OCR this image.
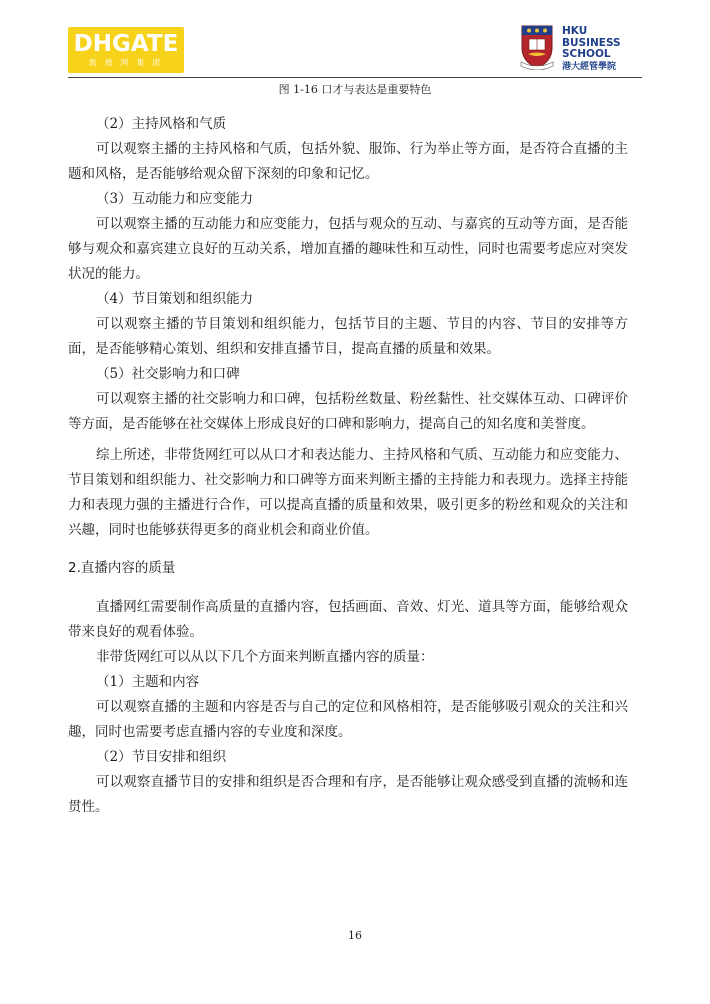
DHGATE
敦 煌 网 集 团
HKU
BUSINESS
SCHOOL
港大經管學院
图 1-16 口才与表达是重要特色

（2）主持风格和气质

可以观察主播的主持风格和气质，包括外貌、服饰、行为举止等方面，是否符合直播的主题和风格，是否能够给观众留下深刻的印象和记忆。

（3）互动能力和应变能力

可以观察主播的互动能力和应变能力，包括与观众的互动、与嘉宾的互动等方面，是否能够与观众和嘉宾建立良好的互动关系，增加直播的趣味性和互动性，同时也需要考虑应对突发状况的能力。

（4）节目策划和组织能力

可以观察主播的节目策划和组织能力，包括节目的主题、节目的内容、节目的安排等方面，是否能够精心策划、组织和安排直播节目，提高直播的质量和效果。

（5）社交影响力和口碑

可以观察主播的社交影响力和口碑，包括粉丝数量、粉丝黏性、社交媒体互动、口碑评价等方面，是否能够在社交媒体上形成良好的口碑和影响力，提高自己的知名度和美誉度。

综上所述，非带货网红可以从口才和表达能力、主持风格和气质、互动能力和应变能力、节目策划和组织能力、社交影响力和口碑等方面来判断主播的主持能力和表现力。选择主持能力和表现力强的主播进行合作，可以提高直播的质量和效果，吸引更多的粉丝和观众的关注和兴趣，同时也能够获得更多的商业机会和商业价值。

2.直播内容的质量

直播网红需要制作高质量的直播内容，包括画面、音效、灯光、道具等方面，能够给观众带来良好的观看体验。

非带货网红可以从以下几个方面来判断直播内容的质量：

（1）主题和内容

可以观察直播的主题和内容是否与自己的定位和风格相符，是否能够吸引观众的关注和兴趣，同时也需要考虑直播内容的专业度和深度。

（2）节目安排和组织

可以观察直播节目的安排和组织是否合理和有序，是否能够让观众感受到直播的流畅和连贯性。

16
